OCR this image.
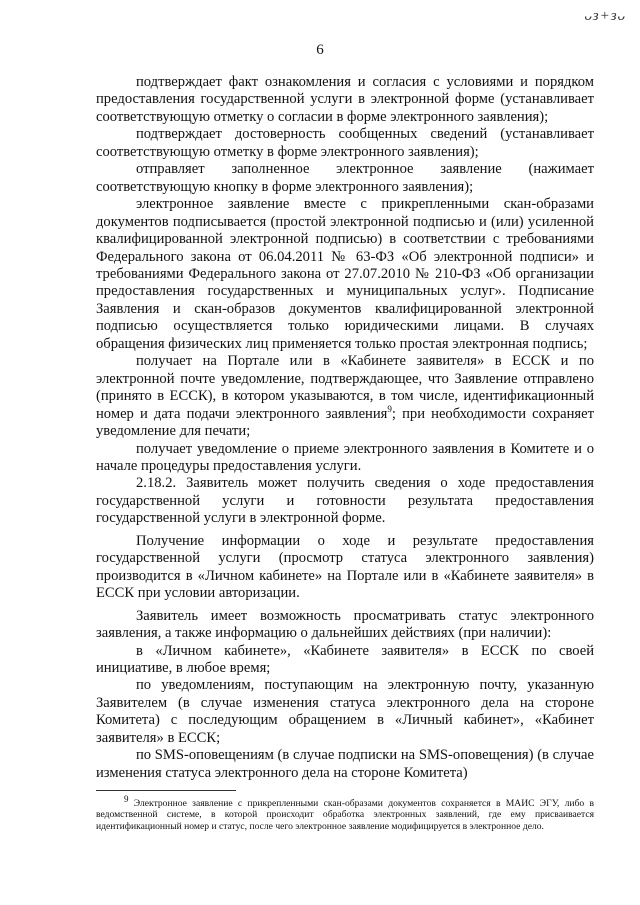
ᴗᴈ+ᴈᴗ
6

подтверждает факт ознакомления и согласия с условиями и порядком предоставления государственной услуги в электронной форме (устанавливает соответствующую отметку о согласии в форме электронного заявления);

подтверждает достоверность сообщенных сведений (устанавливает соответствующую отметку в форме электронного заявления);

отправляет заполненное электронное заявление (нажимает соответствующую кнопку в форме электронного заявления);

электронное заявление вместе с прикрепленными скан-образами документов подписывается (простой электронной подписью и (или) усиленной квалифицированной электронной подписью) в соответствии с требованиями Федерального закона от 06.04.2011 № 63-ФЗ «Об электронной подписи» и требованиями Федерального закона от 27.07.2010 № 210-ФЗ «Об организации предоставления государственных и муниципальных услуг». Подписание Заявления и скан-образов документов квалифицированной электронной подписью осуществляется только юридическими лицами. В случаях обращения физических лиц применяется только простая электронная подпись;

получает на Портале или в «Кабинете заявителя» в ЕССК и по электронной почте уведомление, подтверждающее, что Заявление отправлено (принято в ЕССК), в котором указываются, в том числе, идентификационный номер и дата подачи электронного заявления$^9$; при необходимости сохраняет уведомление для печати;

получает уведомление о приеме электронного заявления в Комитете и о начале процедуры предоставления услуги.

2.18.2. Заявитель может получить сведения о ходе предоставления государственной услуги и готовности результата предоставления государственной услуги в электронной форме.

Получение информации о ходе и результате предоставления государственной услуги (просмотр статуса электронного заявления) производится в «Личном кабинете» на Портале или в «Кабинете заявителя» в ЕССК при условии авторизации.

Заявитель имеет возможность просматривать статус электронного заявления, а также информацию о дальнейших действиях (при наличии):

в «Личном кабинете», «Кабинете заявителя» в ЕССК по своей инициативе, в любое время;

по уведомлениям, поступающим на электронную почту, указанную Заявителем (в случае изменения статуса электронного дела на стороне Комитета) с последующим обращением в «Личный кабинет», «Кабинет заявителя» в ЕССК;

по SMS-оповещениям (в случае подписки на SMS-оповещения) (в случае изменения статуса электронного дела на стороне Комитета)

$^9$ Электронное заявление с прикрепленными скан-образами документов сохраняется в МАИС ЭГУ, либо в ведомственной системе, в которой происходит обработка электронных заявлений, где ему присваивается идентификационный номер и статус, после чего электронное заявление модифицируется в электронное дело.
